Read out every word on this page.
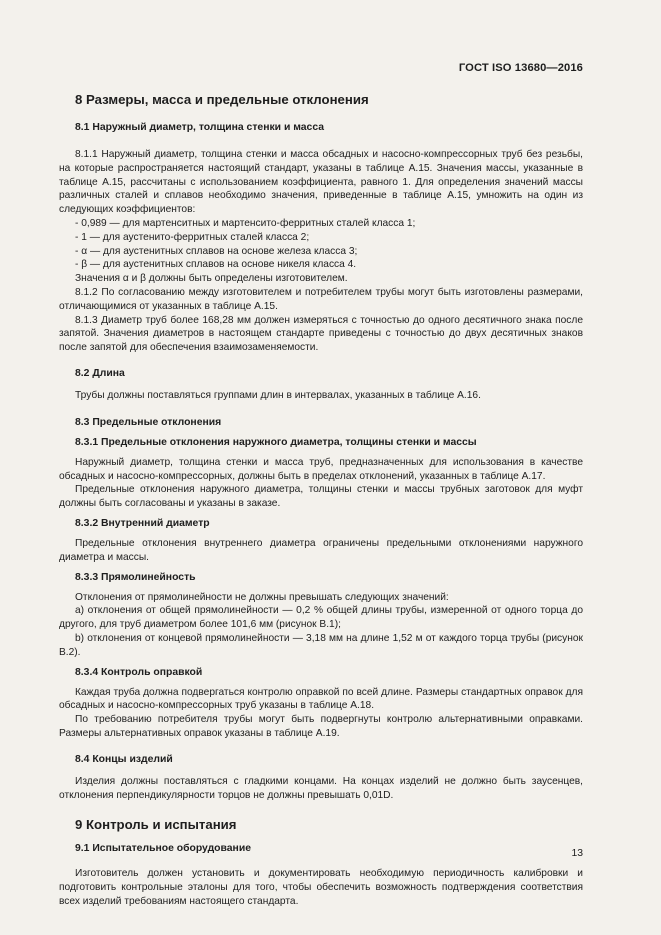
ГОСТ ISO 13680—2016
8 Размеры, масса и предельные отклонения
8.1 Наружный диаметр, толщина стенки и масса

8.1.1 Наружный диаметр, толщина стенки и масса обсадных и насосно-компрессорных труб без резьбы, на которые распространяется настоящий стандарт, указаны в таблице А.15. Значения массы, указанные в таблице А.15, рассчитаны с использованием коэффициента, равного 1. Для определения значений массы различных сталей и сплавов необходимо значения, приведенные в таблице А.15, умножить на один из следующих коэффициентов:

- 0,989 — для мартенситных и мартенсито-ферритных сталей класса 1;

- 1 — для аустенито-ферритных сталей класса 2;

- α — для аустенитных сплавов на основе железа класса 3;

- β — для аустенитных сплавов на основе никеля класса 4.

Значения α и β должны быть определены изготовителем.

8.1.2 По согласованию между изготовителем и потребителем трубы могут быть изготовлены размерами, отличающимися от указанных в таблице А.15.

8.1.3 Диаметр труб более 168,28 мм должен измеряться с точностью до одного десятичного знака после запятой. Значения диаметров в настоящем стандарте приведены с точностью до двух десятичных знаков после запятой для обеспечения взаимозаменяемости.

8.2 Длина

Трубы должны поставляться группами длин в интервалах, указанных в таблице А.16.

8.3 Предельные отклонения
8.3.1 Предельные отклонения наружного диаметра, толщины стенки и массы

Наружный диаметр, толщина стенки и масса труб, предназначенных для использования в качестве обсадных и насосно-компрессорных, должны быть в пределах отклонений, указанных в таблице А.17.

Предельные отклонения наружного диаметра, толщины стенки и массы трубных заготовок для муфт должны быть согласованы и указаны в заказе.

8.3.2 Внутренний диаметр

Предельные отклонения внутреннего диаметра ограничены предельными отклонениями наружного диаметра и массы.

8.3.3 Прямолинейность

Отклонения от прямолинейности не должны превышать следующих значений:

a) отклонения от общей прямолинейности — 0,2 % общей длины трубы, измеренной от одного торца до другого, для труб диаметром более 101,6 мм (рисунок В.1);

b) отклонения от концевой прямолинейности — 3,18 мм на длине 1,52 м от каждого торца трубы (рисунок В.2).

8.3.4 Контроль оправкой

Каждая труба должна подвергаться контролю оправкой по всей длине. Размеры стандартных оправок для обсадных и насосно-компрессорных труб указаны в таблице А.18.

По требованию потребителя трубы могут быть подвергнуты контролю альтернативными оправками. Размеры альтернативных оправок указаны в таблице А.19.

8.4 Концы изделий

Изделия должны поставляться с гладкими концами. На концах изделий не должно быть заусенцев, отклонения перпендикулярности торцов не должны превышать 0,01D.

9 Контроль и испытания
9.1 Испытательное оборудование

Изготовитель должен установить и документировать необходимую периодичность калибровки и подготовить контрольные эталоны для того, чтобы обеспечить возможность подтверждения соответствия всех изделий требованиям настоящего стандарта.

13
